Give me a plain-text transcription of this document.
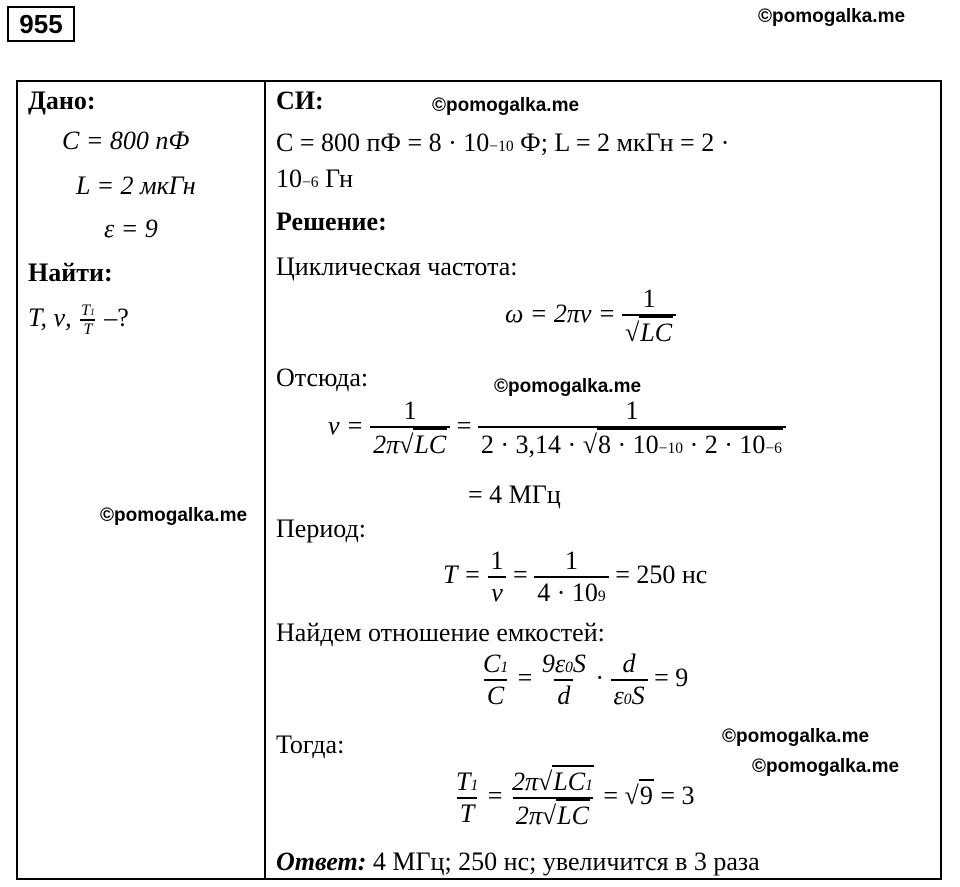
955	©pomogalka.me
Дано:
C = 800 пФ
L = 2 мкГн
ε = 9
Найти:
T, ν, $\frac{T_1}{T}$ –?
©pomogalka.me
СИ:	©pomogalka.me
C = 800 пФ = $8 \cdot 10^{-10}$ Ф; L = 2 мкГн = 2 ·
$10^{-6}$ Гн
Решение:
Циклическая частота:
$\omega = 2\pi\nu = \frac{1}{√LC}$
Отсюда:	©pomogalka.me
$\nu = \frac{1}{2\pi√LC} = \frac{1}{2 \cdot 3,14 \cdot √8 \cdot 10^{-10} \cdot 2 \cdot 10^{-6}}$
= 4 МГц
Период:
$T = \frac{1}{\nu} = \frac{1}{4 \cdot 10^9} = 250$ нс
Найдем отношение емкостей:
$\frac{C_1}{C} = \frac{9\varepsilon_0S}{d} \cdot \frac{d}{\varepsilon_0S} = 9$
Тогда:	©pomogalka.me
©pomogalka.me
$\frac{T_1}{T} = \frac{2\pi√LC_1}{2\pi√LC} = √9 = 3$
Ответ: 4 МГц; 250 нс; увеличится в 3 раза
